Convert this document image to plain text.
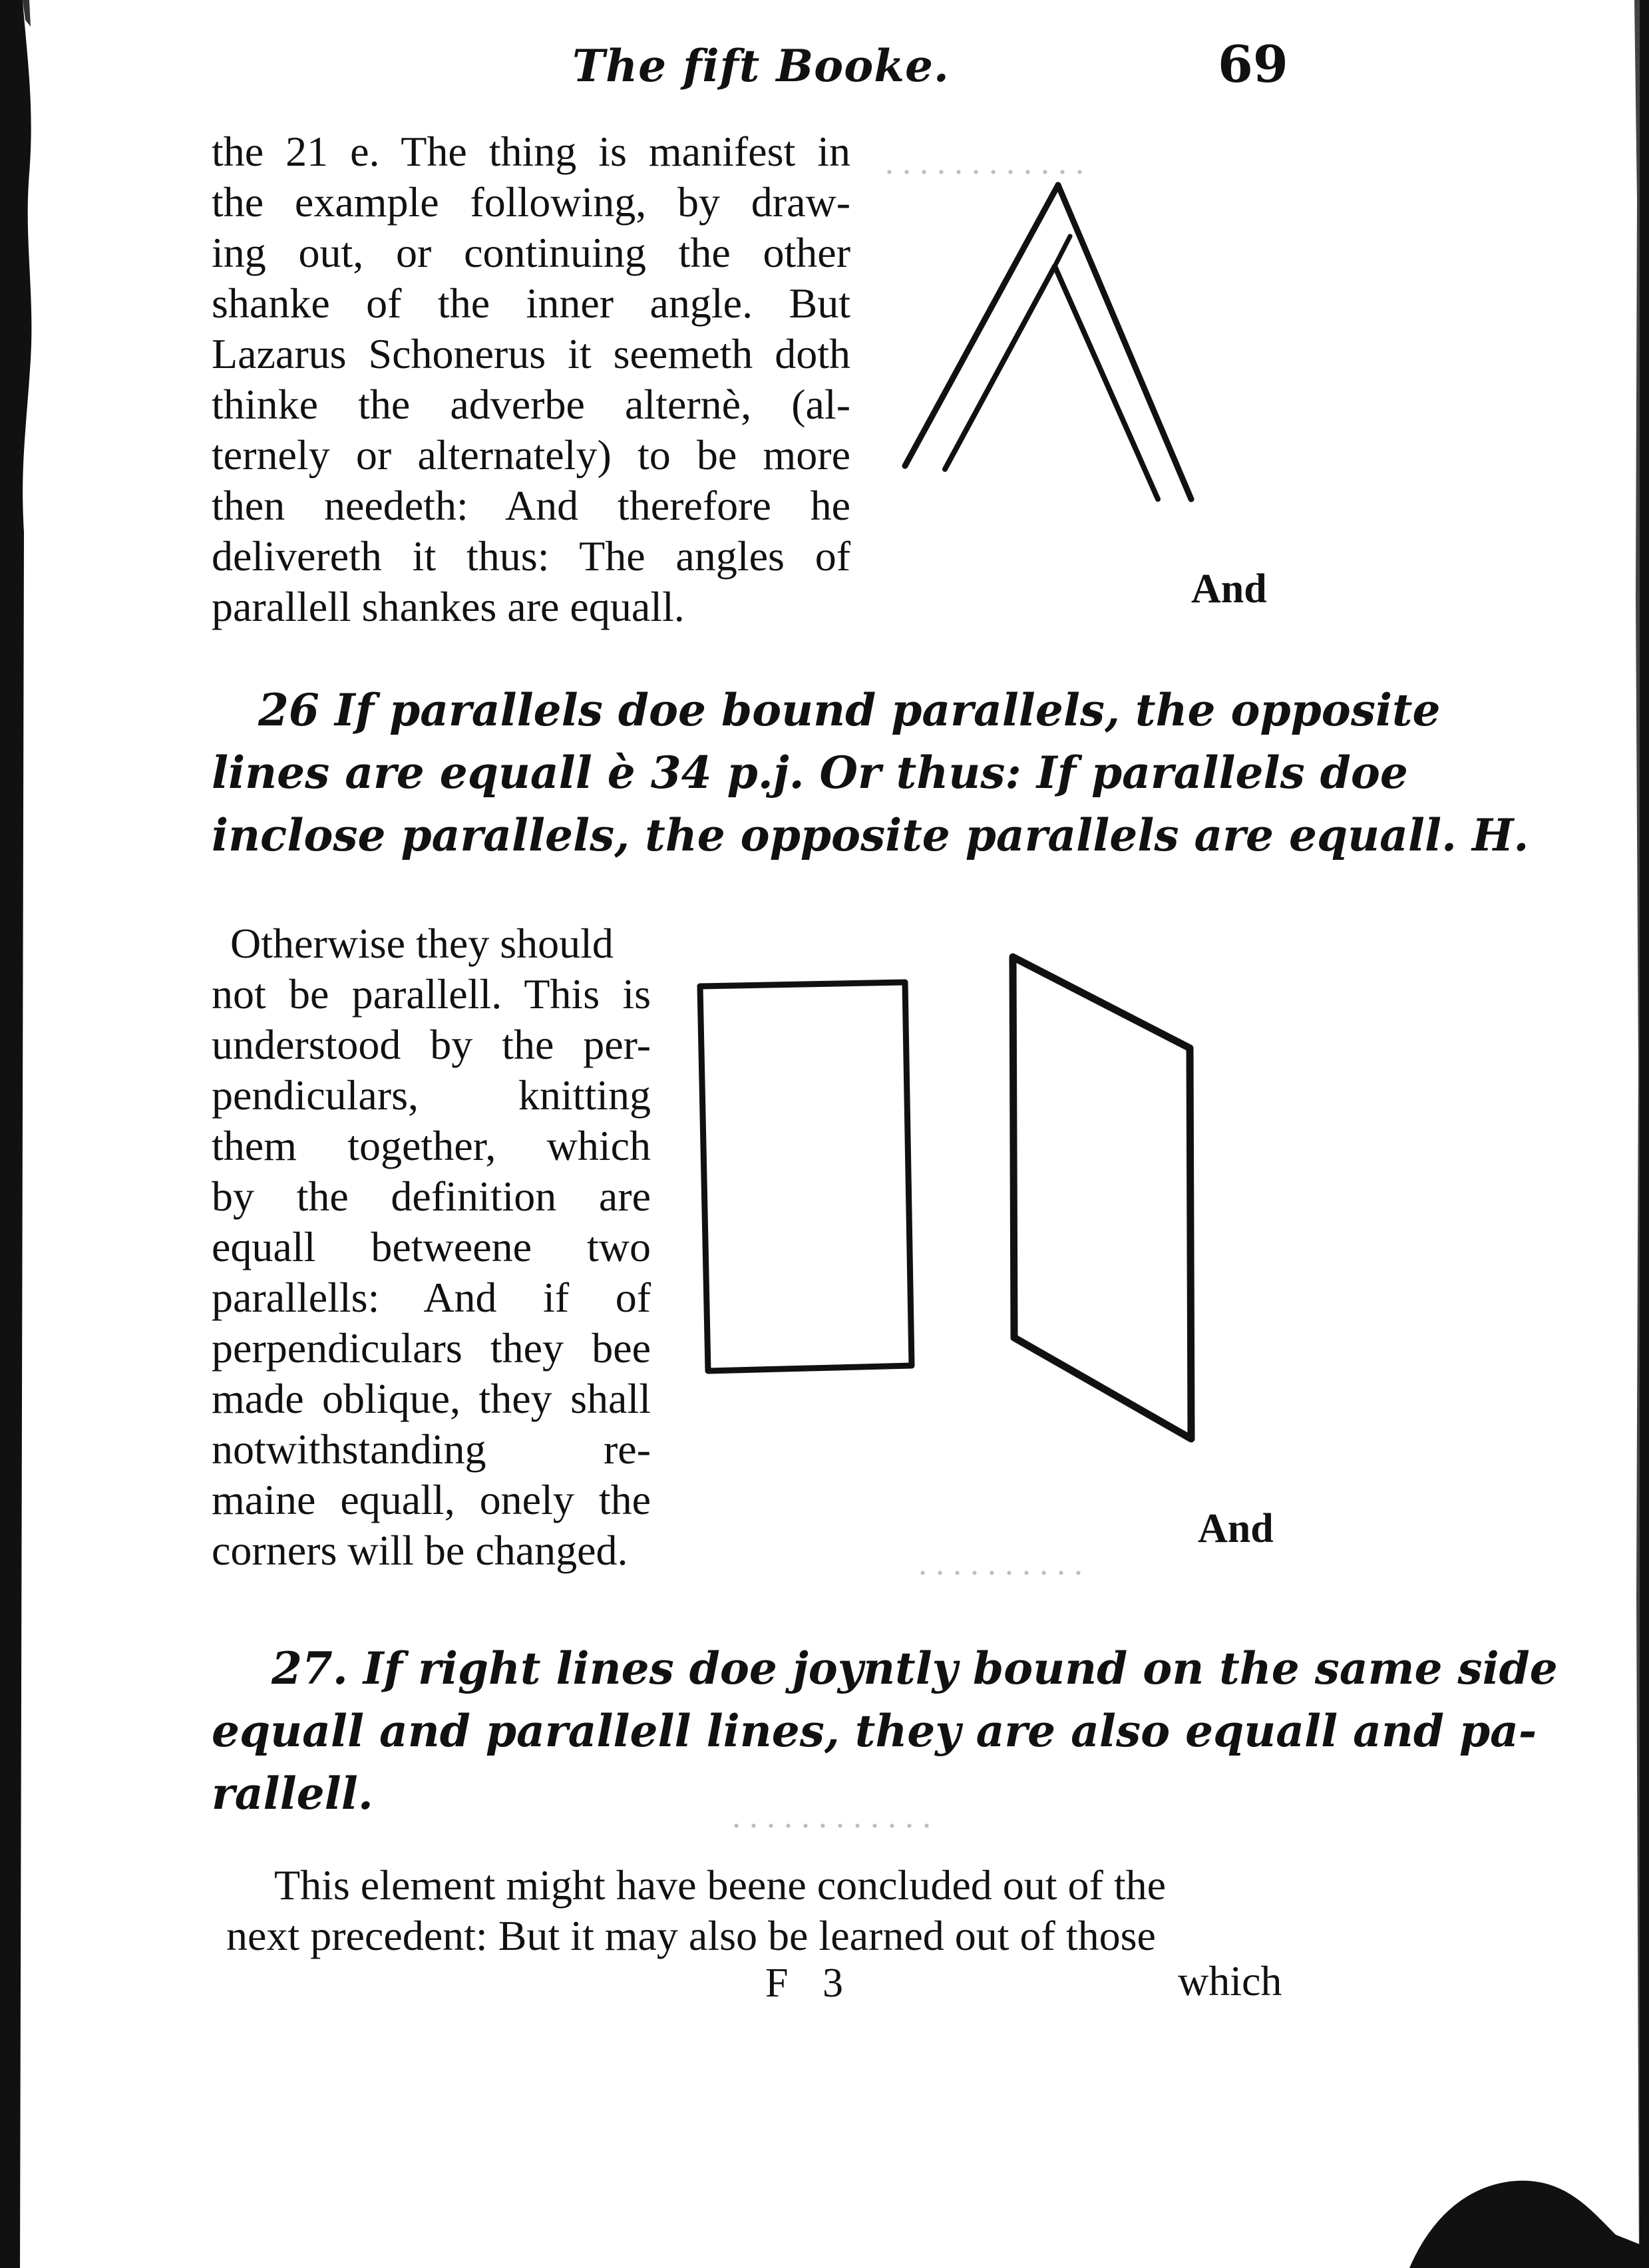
. . . . . . . . . . . .
. . . . . . . . . .
. . . . . . . . . . . .
The fift Booke.	69
the 21 e. The thing is manifest in
the example following, by draw-
ing out, or continuing the other
shanke of the inner angle. But
Lazarus Schonerus it seemeth doth
thinke the adverbe alternè, (al-
ternely or alternately) to be more
then needeth: And therefore he
delivereth it thus: The angles of
parallell shankes are equall.	And
26 If parallels doe bound parallels, the opposite
lines are equall è 34 p.j. Or thus: If parallels doe
inclose parallels, the opposite parallels are equall. H.
Otherwise they should
not be parallell. This is
understood by the per-
pendiculars, knitting
them together, which
by the definition are
equall betweene two
parallells: And if of
perpendiculars they bee
made oblique, they shall
notwithstanding re-
maine equall, onely the
corners will be changed.	And
27. If right lines doe joyntly bound on the same side
equall and parallell lines, they are also equall and pa-
rallell.
This element might have beene concluded out of the
next precedent: But it may also be learned out of those
F 3	which
